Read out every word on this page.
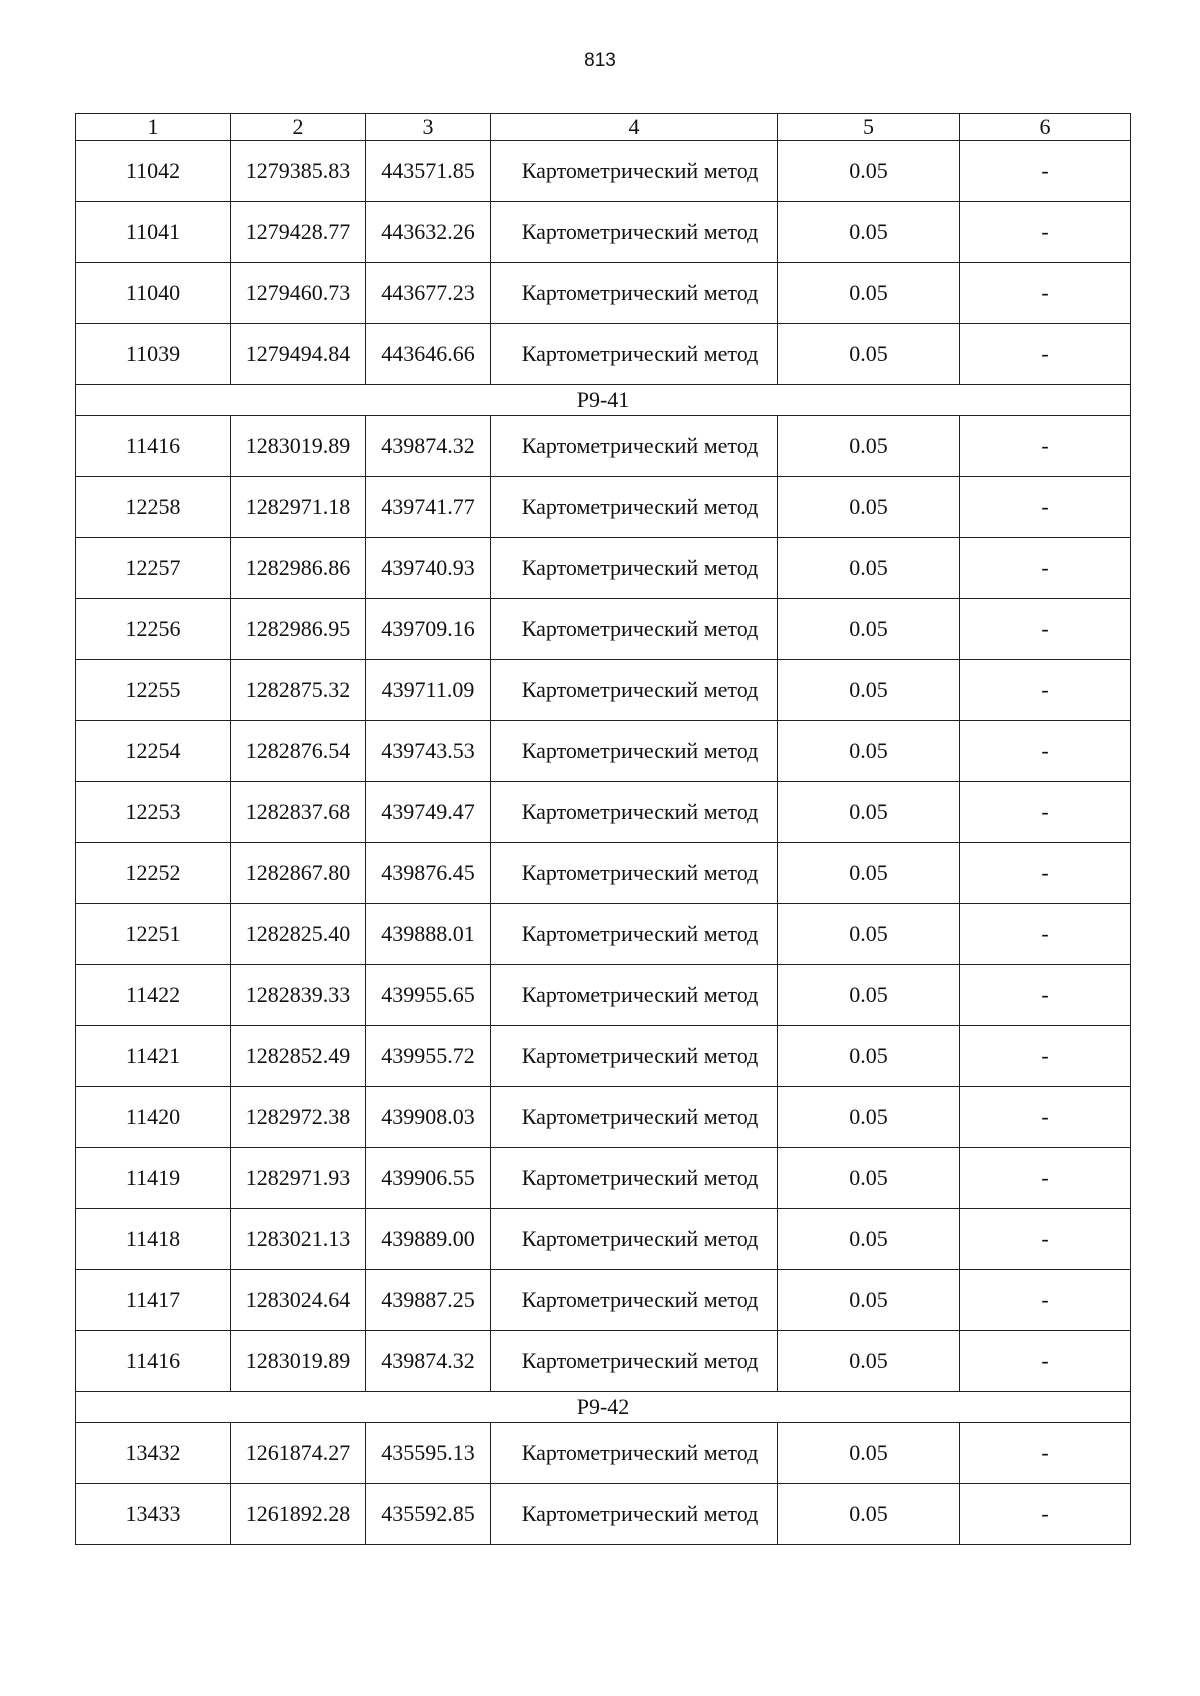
813
1	2	3	4	5	6
11042	1279385.83	443571.85	Картометрический метод	0.05	-
11041	1279428.77	443632.26	Картометрический метод	0.05	-
11040	1279460.73	443677.23	Картометрический метод	0.05	-
11039	1279494.84	443646.66	Картометрический метод	0.05	-
Р9-41					
11416	1283019.89	439874.32	Картометрический метод	0.05	-
12258	1282971.18	439741.77	Картометрический метод	0.05	-
12257	1282986.86	439740.93	Картометрический метод	0.05	-
12256	1282986.95	439709.16	Картометрический метод	0.05	-
12255	1282875.32	439711.09	Картометрический метод	0.05	-
12254	1282876.54	439743.53	Картометрический метод	0.05	-
12253	1282837.68	439749.47	Картометрический метод	0.05	-
12252	1282867.80	439876.45	Картометрический метод	0.05	-
12251	1282825.40	439888.01	Картометрический метод	0.05	-
11422	1282839.33	439955.65	Картометрический метод	0.05	-
11421	1282852.49	439955.72	Картометрический метод	0.05	-
11420	1282972.38	439908.03	Картометрический метод	0.05	-
11419	1282971.93	439906.55	Картометрический метод	0.05	-
11418	1283021.13	439889.00	Картометрический метод	0.05	-
11417	1283024.64	439887.25	Картометрический метод	0.05	-
11416	1283019.89	439874.32	Картометрический метод	0.05	-
Р9-42					
13432	1261874.27	435595.13	Картометрический метод	0.05	-
13433	1261892.28	435592.85	Картометрический метод	0.05	-
